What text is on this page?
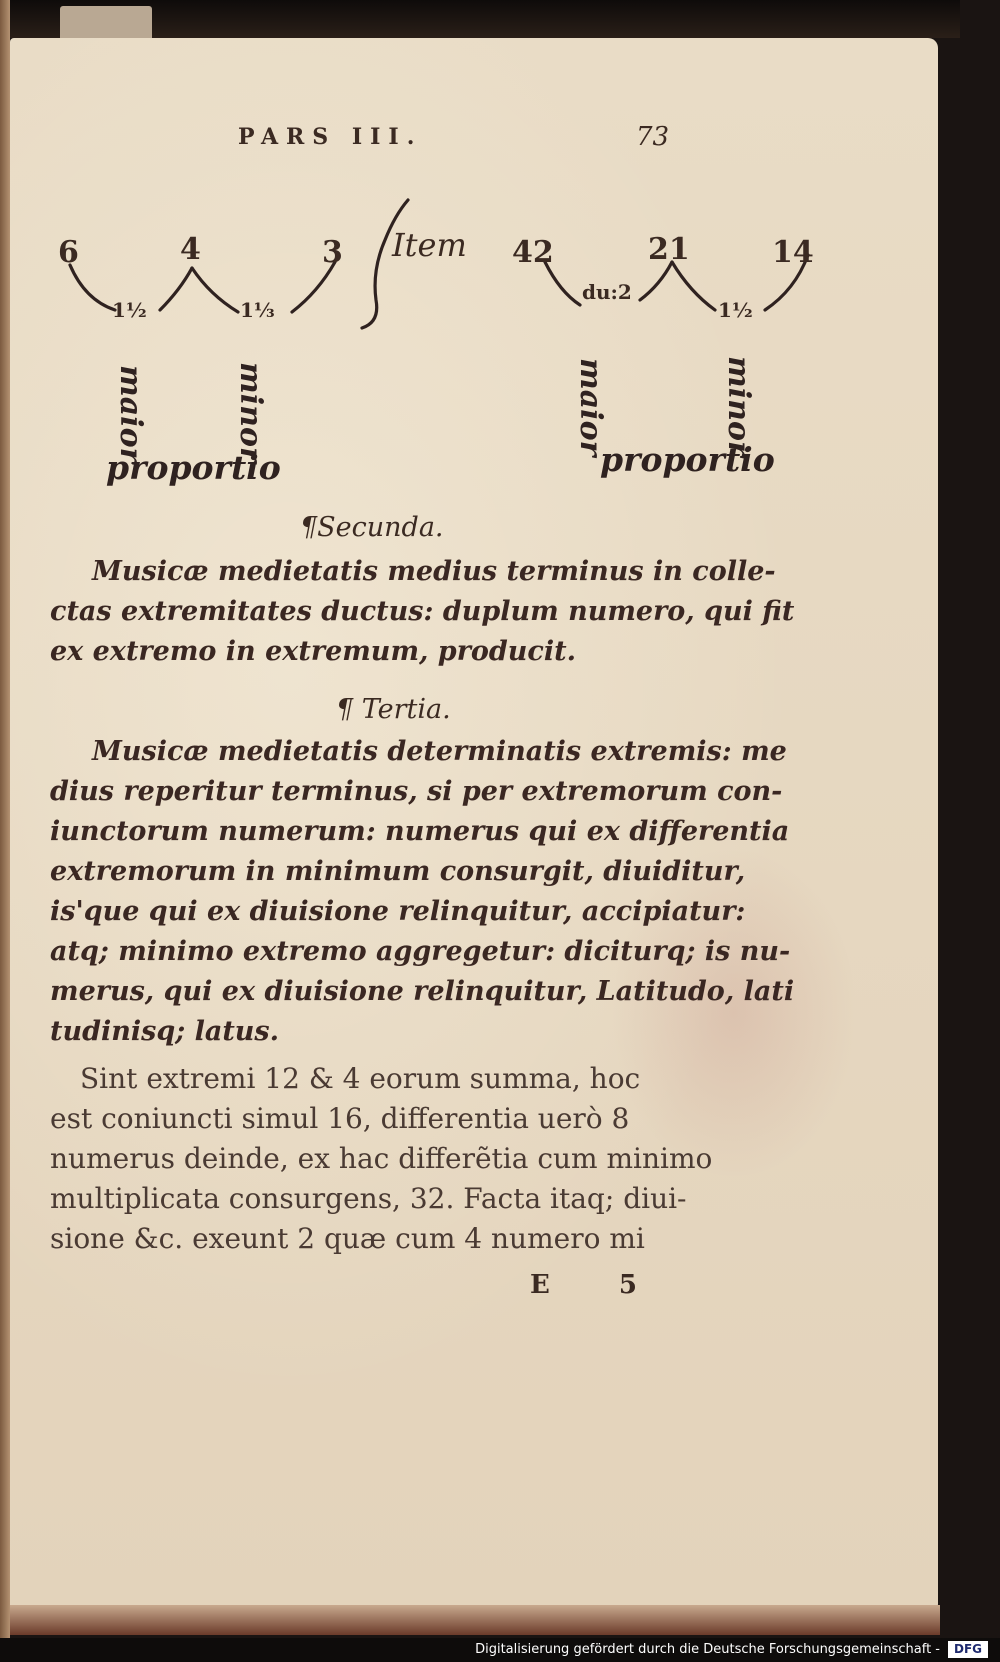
PARS III.	73
6	4	3
1½	1⅓
Item 42	21	14
du:2
1½
maior	minor	maior	minor
proportio	proportio
¶Secunda.
Musicæ medietatis medius terminus in colle-
ctas extremitates ductus: duplum numero, qui fit
ex extremo in extremum, producit.
¶ Tertia.
Musicæ medietatis determinatis extremis: me
dius reperitur terminus, si per extremorum con-
iunctorum numerum: numerus qui ex differentia
extremorum in minimum consurgit, diuiditur,
is'que qui ex diuisione relinquitur, accipiatur:
atq; minimo extremo aggregetur: diciturq; is nu-
merus, qui ex diuisione relinquitur, Latitudo, lati
tudinisq; latus.
Sint extremi 12 & 4 eorum summa, hoc
est coniuncti simul 16, differentia uerò 8
numerus deinde, ex hac differẽtia cum minimo
multiplicata consurgens, 32. Facta itaq; diui-
sione &c. exeunt 2 quæ cum 4 numero mi
E 5
Digitalisierung gefördert durch die Deutsche Forschungsgemeinschaft -	DFG
